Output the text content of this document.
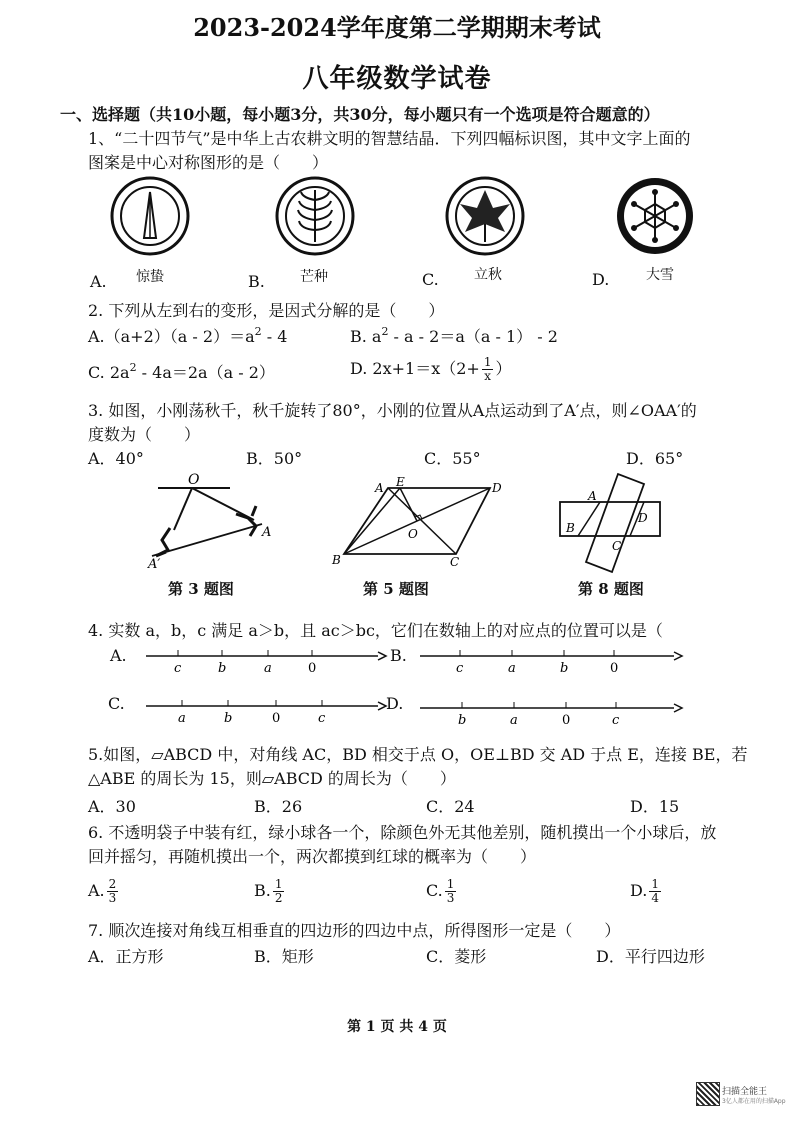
2023-2024学年度第二学期期末考试
八年级数学试卷
一、选择题（共10小题，每小题3分，共30分，每小题只有一个选项是符合题意的）
1、“二十四节气”是中华上古农耕文明的智慧结晶．下列四幅标识图，其中文字上面的
图案是中心对称图形的是（　　）
A. 惊蛰	B.	芒种	C.	立秋	D.	大雪
2. 下列从左到右的变形，是因式分解的是（　　）
$A.(a+2)(a - 2)=a^2 - 4$	B. $a^2 - a - 2=a(a - 1) - 2$
C. $2a^2 - 4a=2a(a - 2)$	D. $2x+1=x(2+ \frac{1}{x}$ ）
3. 如图，小刚荡秋千，秋千旋转了80°，小刚的位置从A点运动到了A′点，则∠OAA′的
度数为（　　）
A．40°	B．50°	C．55°	D．65°
O
A
A′
A E	D
O
B	C
A
B
C
D
第 3 题图	第 5 题图	第 8 题图
4. 实数 a，b，c 满足 a＞b，且 ac＞bc，它们在数轴上的对应点的位置可以是（
A.
c	b	a	0
B.
c	a	b	0
C.
a	b	0	c
D.
b	a	0	c
5.如图，▱ABCD 中，对角线 AC，BD 相交于点 O，OE⊥BD 交 AD 于点 E，连接 BE，若
△ABE 的周长为 15，则▱ABCD 的周长为（　　）
A．30	B．26	C．24	D．15
6. 不透明袋子中装有红，绿小球各一个，除颜色外无其他差别，随机摸出一个小球后，放
回并摇匀，再随机摸出一个，两次都摸到红球的概率为（　　）
A. $\frac{2}{3}$	B. $\frac{1}{2}$	C. $\frac{1}{3}$	D. $\frac{1}{4}$
7. 顺次连接对角线互相垂直的四边形的四边中点，所得图形一定是（　　）
A．正方形	B．矩形	C．菱形	D．平行四边形
第 1 页 共 4 页
扫描全能王
3亿人都在用的扫描App
